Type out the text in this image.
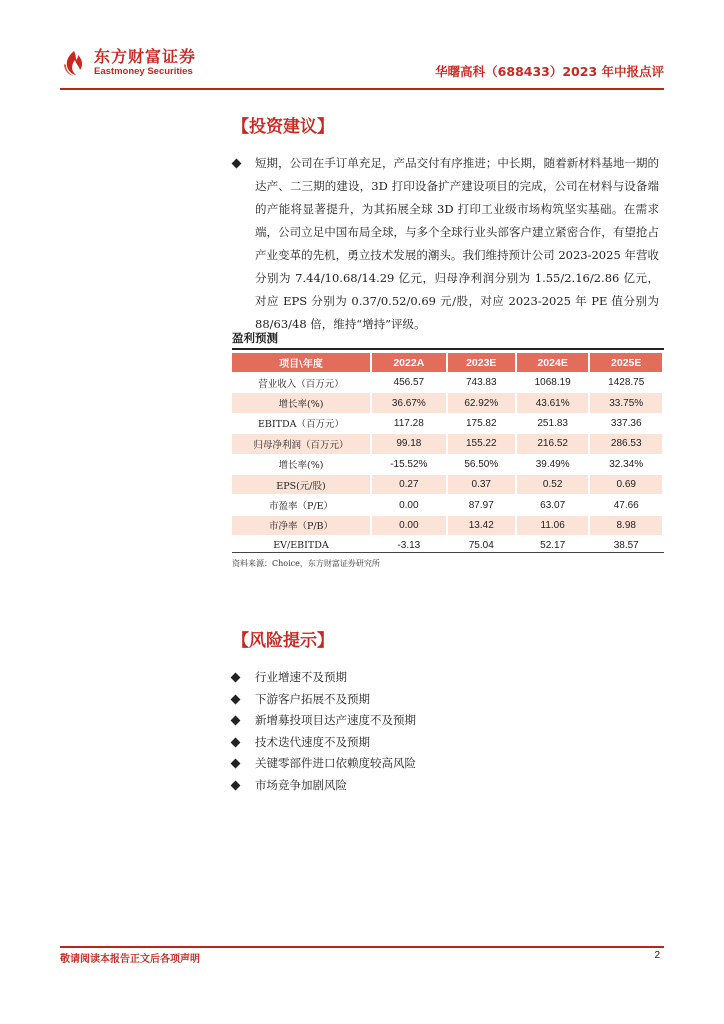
东方财富证券
Eastmoney Securities	华曙高科（688433）2023 年中报点评
【投资建议】
短期，公司在手订单充足，产品交付有序推进；中长期，随着新材料基地一期的达产、二三期的建设，3D 打印设备扩产建设项目的完成，公司在材料与设备端的产能将显著提升，为其拓展全球 3D 打印工业级市场构筑坚实基础。在需求端，公司立足中国布局全球，与多个全球行业头部客户建立紧密合作，有望抢占产业变革的先机，勇立技术发展的潮头。我们维持预计公司 2023-2025 年营收分别为 7.44/10.68/14.29 亿元，归母净利润分别为 1.55/2.16/2.86 亿元，对应 EPS 分别为 0.37/0.52/0.69 元/股，对应 2023-2025 年 PE 值分别为 88/63/48 倍，维持“增持”评级。
盈利预测
项目\年度	2022A	2023E	2024E	2025E
营业收入（百万元）	456.57	743.83	1068.19	1428.75
增长率(%)	36.67%	62.92%	43.61%	33.75%
EBITDA（百万元）	117.28	175.82	251.83	337.36
归母净利润（百万元）	99.18	155.22	216.52	286.53
增长率(%)	-15.52%	56.50%	39.49%	32.34%
EPS(元/股)	0.27	0.37	0.52	0.69
市盈率（P/E）	0.00	87.97	63.07	47.66
市净率（P/B）	0.00	13.42	11.06	8.98
EV/EBITDA	-3.13	75.04	52.17	38.57
资料来源：Choice，东方财富证券研究所
【风险提示】
行业增速不及预期
下游客户拓展不及预期
新增募投项目达产速度不及预期
技术迭代速度不及预期
关键零部件进口依赖度较高风险
市场竞争加剧风险
敬请阅读本报告正文后各项声明	2
